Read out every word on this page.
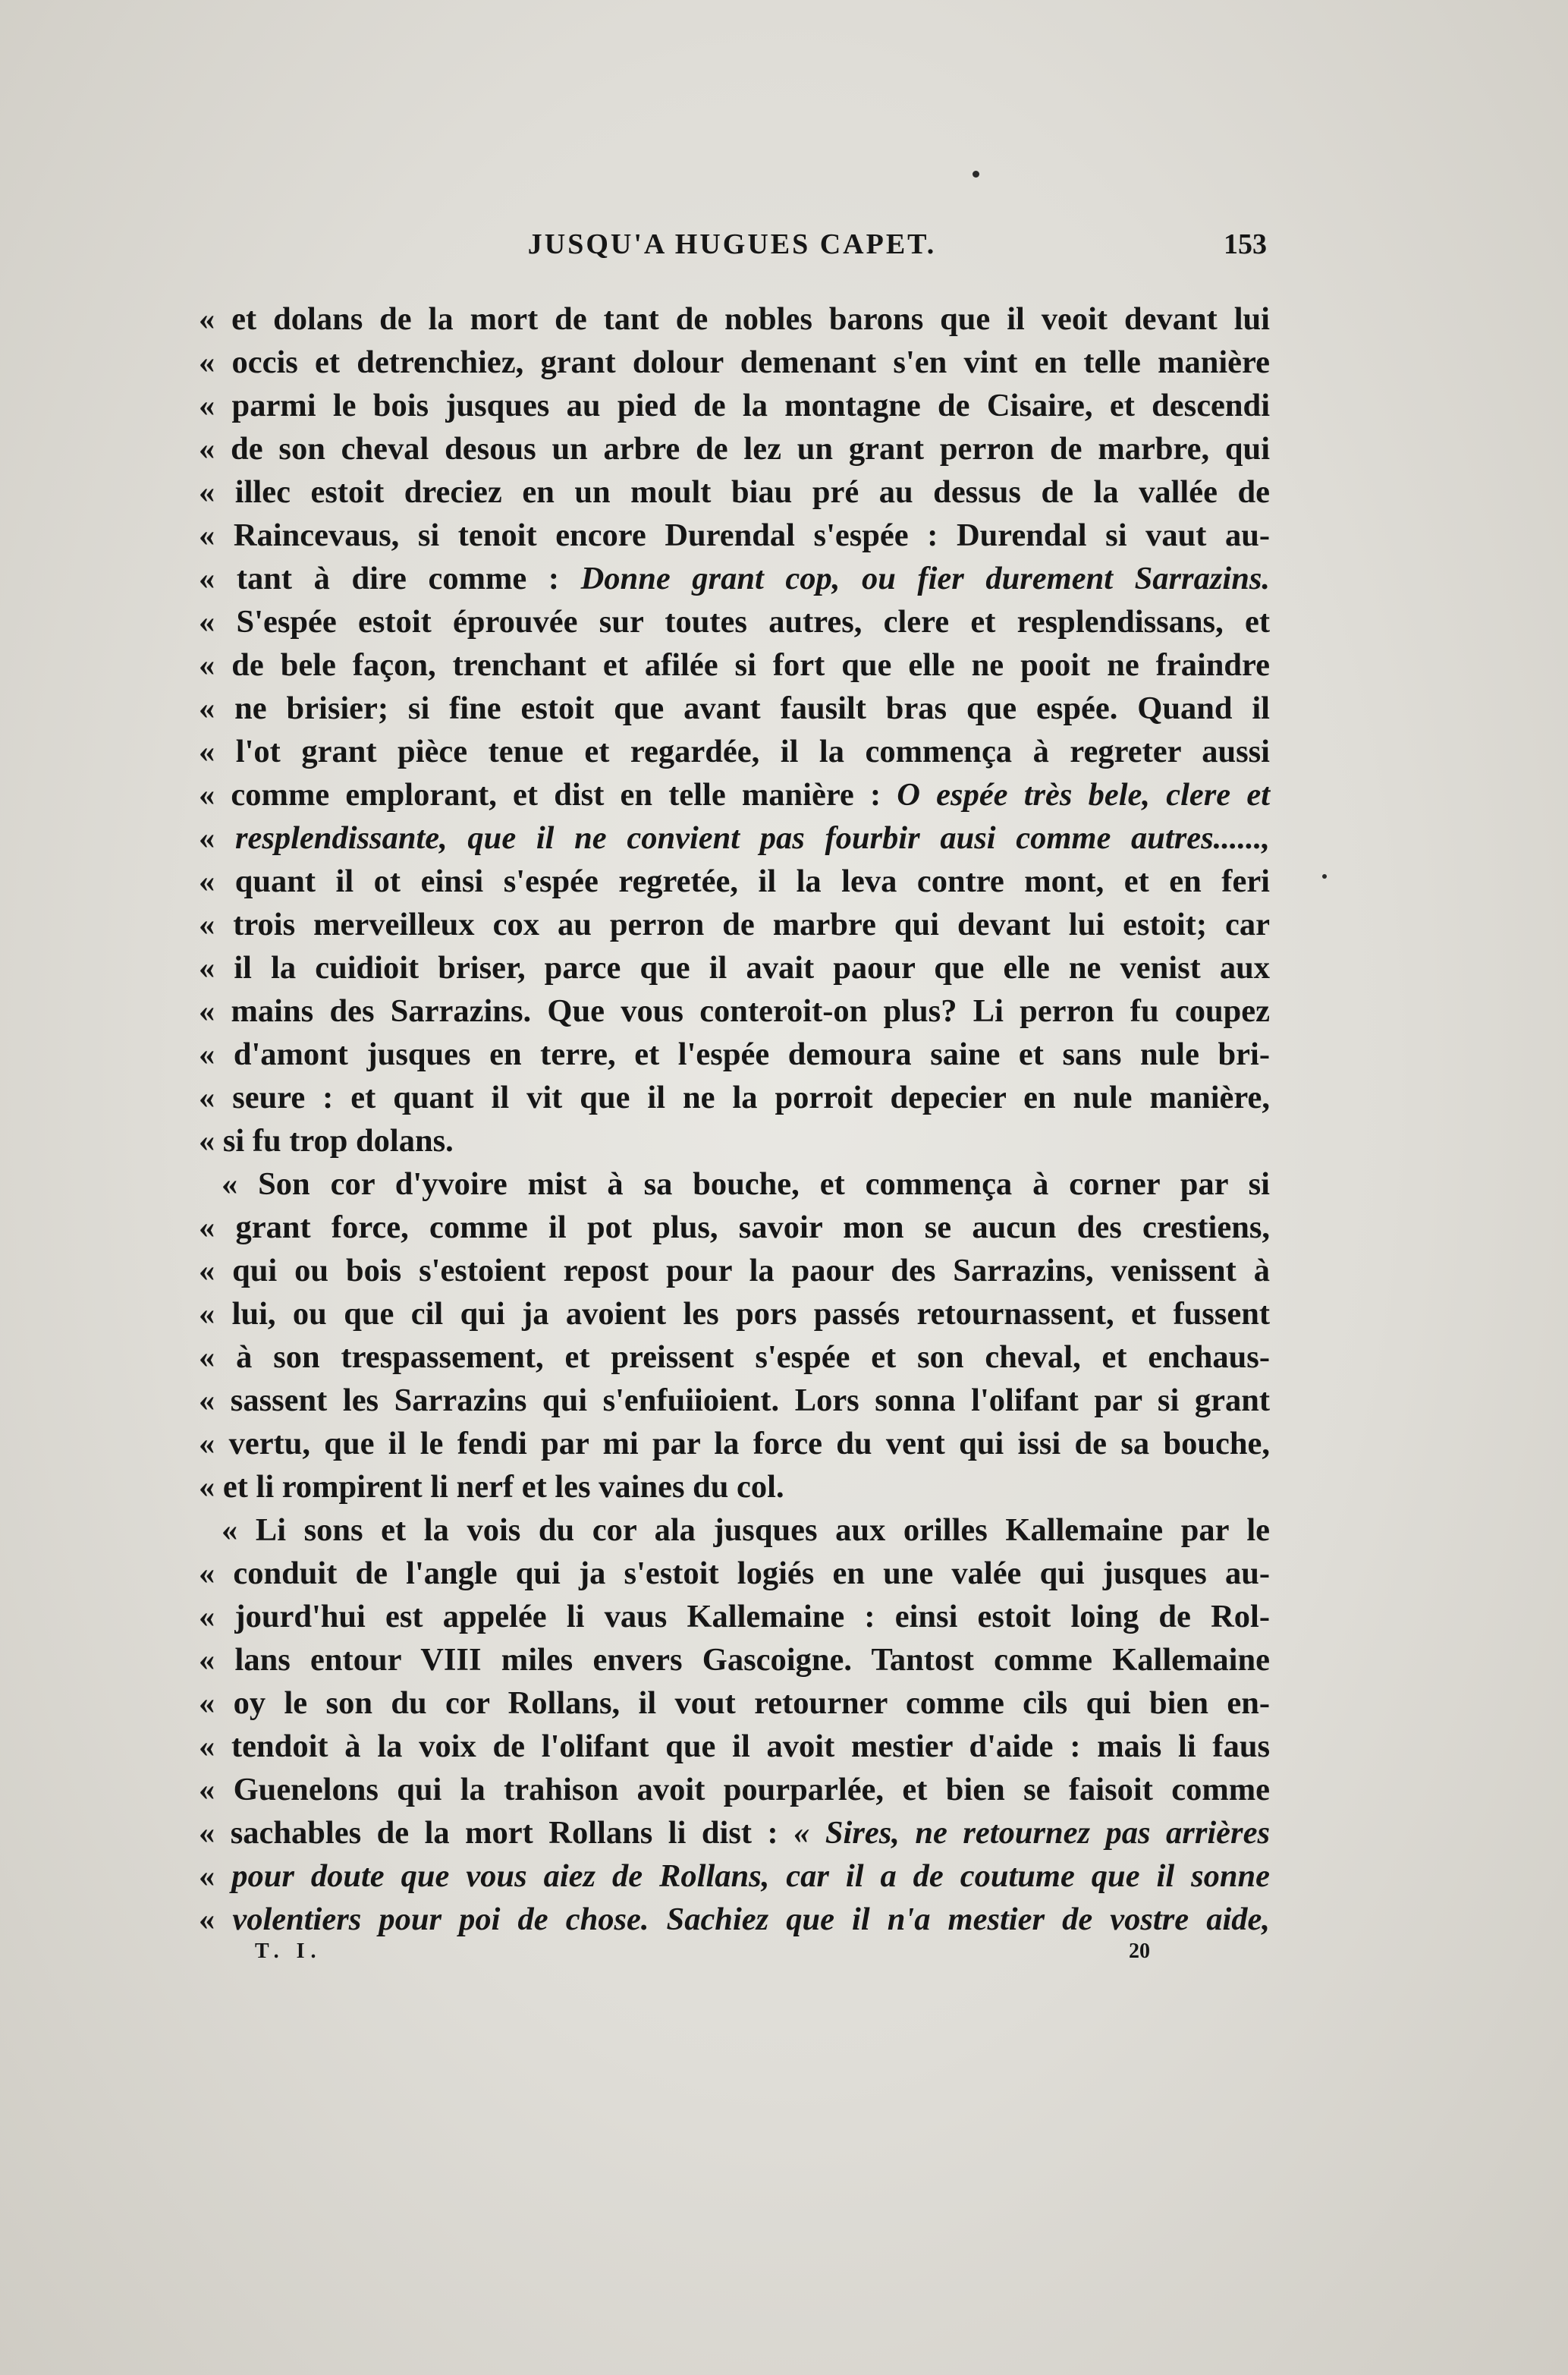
JUSQU'A HUGUES CAPET.	153
« et dolans de la mort de tant de nobles barons que il veoit devant lui
« occis et detrenchiez, grant dolour demenant s'en vint en telle manière
« parmi le bois jusques au pied de la montagne de Cisaire, et descendi
« de son cheval desous un arbre de lez un grant perron de marbre, qui
« illec estoit dreciez en un moult biau pré au dessus de la vallée de
« Raincevaus, si tenoit encore Durendal s'espée : Durendal si vaut au-
« tant à dire comme : Donne grant cop, ou fier durement Sarrazins.
« S'espée estoit éprouvée sur toutes autres, clere et resplendissans, et
« de bele façon, trenchant et afilée si fort que elle ne pooit ne fraindre
« ne brisier; si fine estoit que avant fausilt bras que espée. Quand il
« l'ot grant pièce tenue et regardée, il la commença à regreter aussi
« comme emplorant, et dist en telle manière : O espée très bele, clere et
« resplendissante, que il ne convient pas fourbir ausi comme autres......,
« quant il ot einsi s'espée regretée, il la leva contre mont, et en feri
« trois merveilleux cox au perron de marbre qui devant lui estoit; car
« il la cuidioit briser, parce que il avait paour que elle ne venist aux
« mains des Sarrazins. Que vous conteroit-on plus? Li perron fu coupez
« d'amont jusques en terre, et l'espée demoura saine et sans nule bri-
« seure : et quant il vit que il ne la porroit depecier en nule manière,
« si fu trop dolans.
« Son cor d'yvoire mist à sa bouche, et commença à corner par si
« grant force, comme il pot plus, savoir mon se aucun des crestiens,
« qui ou bois s'estoient repost pour la paour des Sarrazins, venissent à
« lui, ou que cil qui ja avoient les pors passés retournassent, et fussent
« à son trespassement, et preissent s'espée et son cheval, et enchaus-
« sassent les Sarrazins qui s'enfuiioient. Lors sonna l'olifant par si grant
« vertu, que il le fendi par mi par la force du vent qui issi de sa bouche,
« et li rompirent li nerf et les vaines du col.
« Li sons et la vois du cor ala jusques aux orilles Kallemaine par le
« conduit de l'angle qui ja s'estoit logiés en une valée qui jusques au-
« jourd'hui est appelée li vaus Kallemaine : einsi estoit loing de Rol-
« lans entour VIII miles envers Gascoigne. Tantost comme Kallemaine
« oy le son du cor Rollans, il vout retourner comme cils qui bien en-
« tendoit à la voix de l'olifant que il avoit mestier d'aide : mais li faus
« Guenelons qui la trahison avoit pourparlée, et bien se faisoit comme
« sachables de la mort Rollans li dist : « Sires, ne retournez pas arrières
« pour doute que vous aiez de Rollans, car il a de coutume que il sonne
« volentiers pour poi de chose. Sachiez que il n'a mestier de vostre aide,
T. I.	20
